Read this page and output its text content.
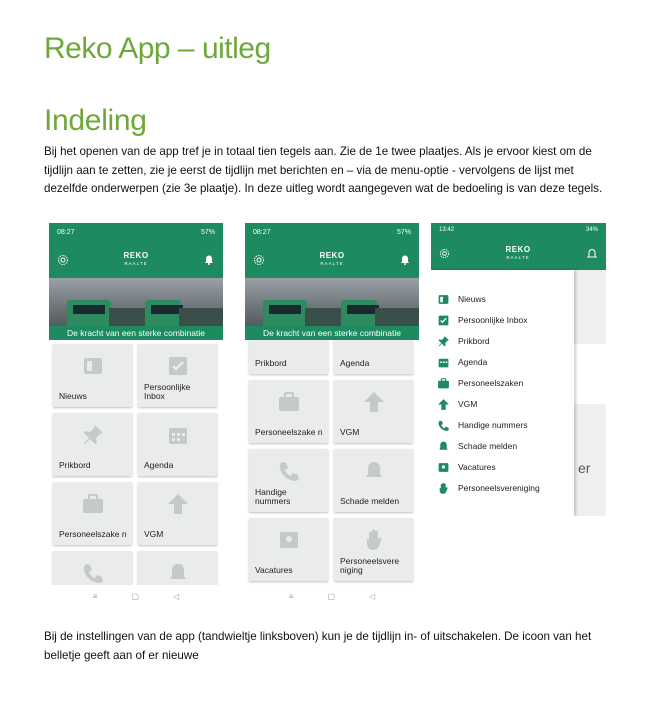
Reko App – uitleg
Indeling
Bij het openen van de app tref je in totaal tien tegels aan. Zie de 1e twee plaatjes. Als je ervoor kiest om de tijdlijn aan te zetten, zie je eerst de tijdlijn met berichten en – via de menu-optie - vervolgens de lijst met dezelfde onderwerpen (zie 3e plaatje). In deze uitleg wordt aangegeven wat de bedoeling is van deze tegels.
08:27	57%
REKO
RAALTE
De kracht van een sterke combinatie
Nieuws
Persoonlijke Inbox
Prikbord	Agenda
Personeelszake n VGM
≡	▢	◁
08:27	57%
REKO
RAALTE
De kracht van een sterke combinatie
Prikbord	Agenda
Personeelszake n VGM
Handige nummers	Schade melden
Vacatures
Personeelsvere niging
≡	▢	◁
13:42	34%
REKO
RAALTE
er
Nieuws
Persoonlijke Inbox
Prikbord
Agenda
Personeelszaken
VGM
Handige nummers
Schade melden
Vacatures
Personeelsvereniging
Bij de instellingen van de app (tandwieltje linksboven) kun je de tijdlijn in- of uitschakelen. De icoon van het belletje geeft aan of er nieuwe
